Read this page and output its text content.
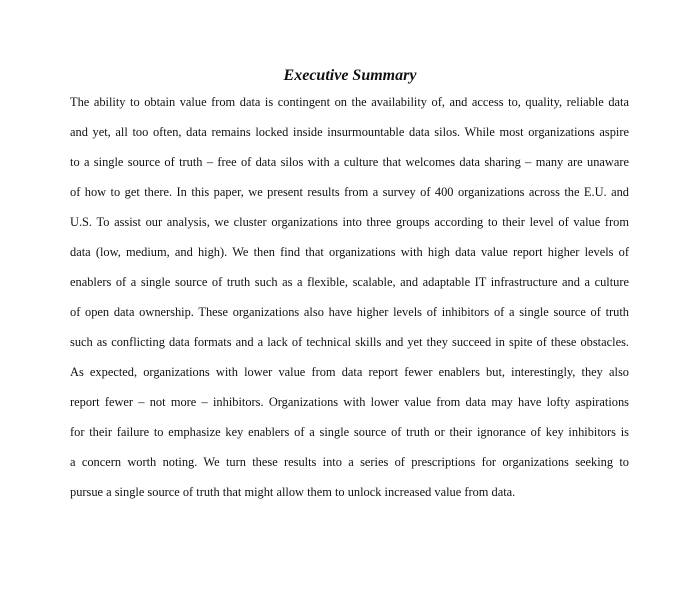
Executive Summary

The ability to obtain value from data is contingent on the availability of, and access to, quality, reliable data

and yet, all too often, data remains locked inside insurmountable data silos. While most organizations aspire

to a single source of truth – free of data silos with a culture that welcomes data sharing – many are unaware

of how to get there. In this paper, we present results from a survey of 400 organizations across the E.U. and

U.S. To assist our analysis, we cluster organizations into three groups according to their level of value from

data (low, medium, and high). We then find that organizations with high data value report higher levels of

enablers of a single source of truth such as a flexible, scalable, and adaptable IT infrastructure and a culture

of open data ownership. These organizations also have higher levels of inhibitors of a single source of truth

such as conflicting data formats and a lack of technical skills and yet they succeed in spite of these obstacles.

As expected, organizations with lower value from data report fewer enablers but, interestingly, they also

report fewer – not more – inhibitors. Organizations with lower value from data may have lofty aspirations

for their failure to emphasize key enablers of a single source of truth or their ignorance of key inhibitors is

a concern worth noting. We turn these results into a series of prescriptions for organizations seeking to

pursue a single source of truth that might allow them to unlock increased value from data.
